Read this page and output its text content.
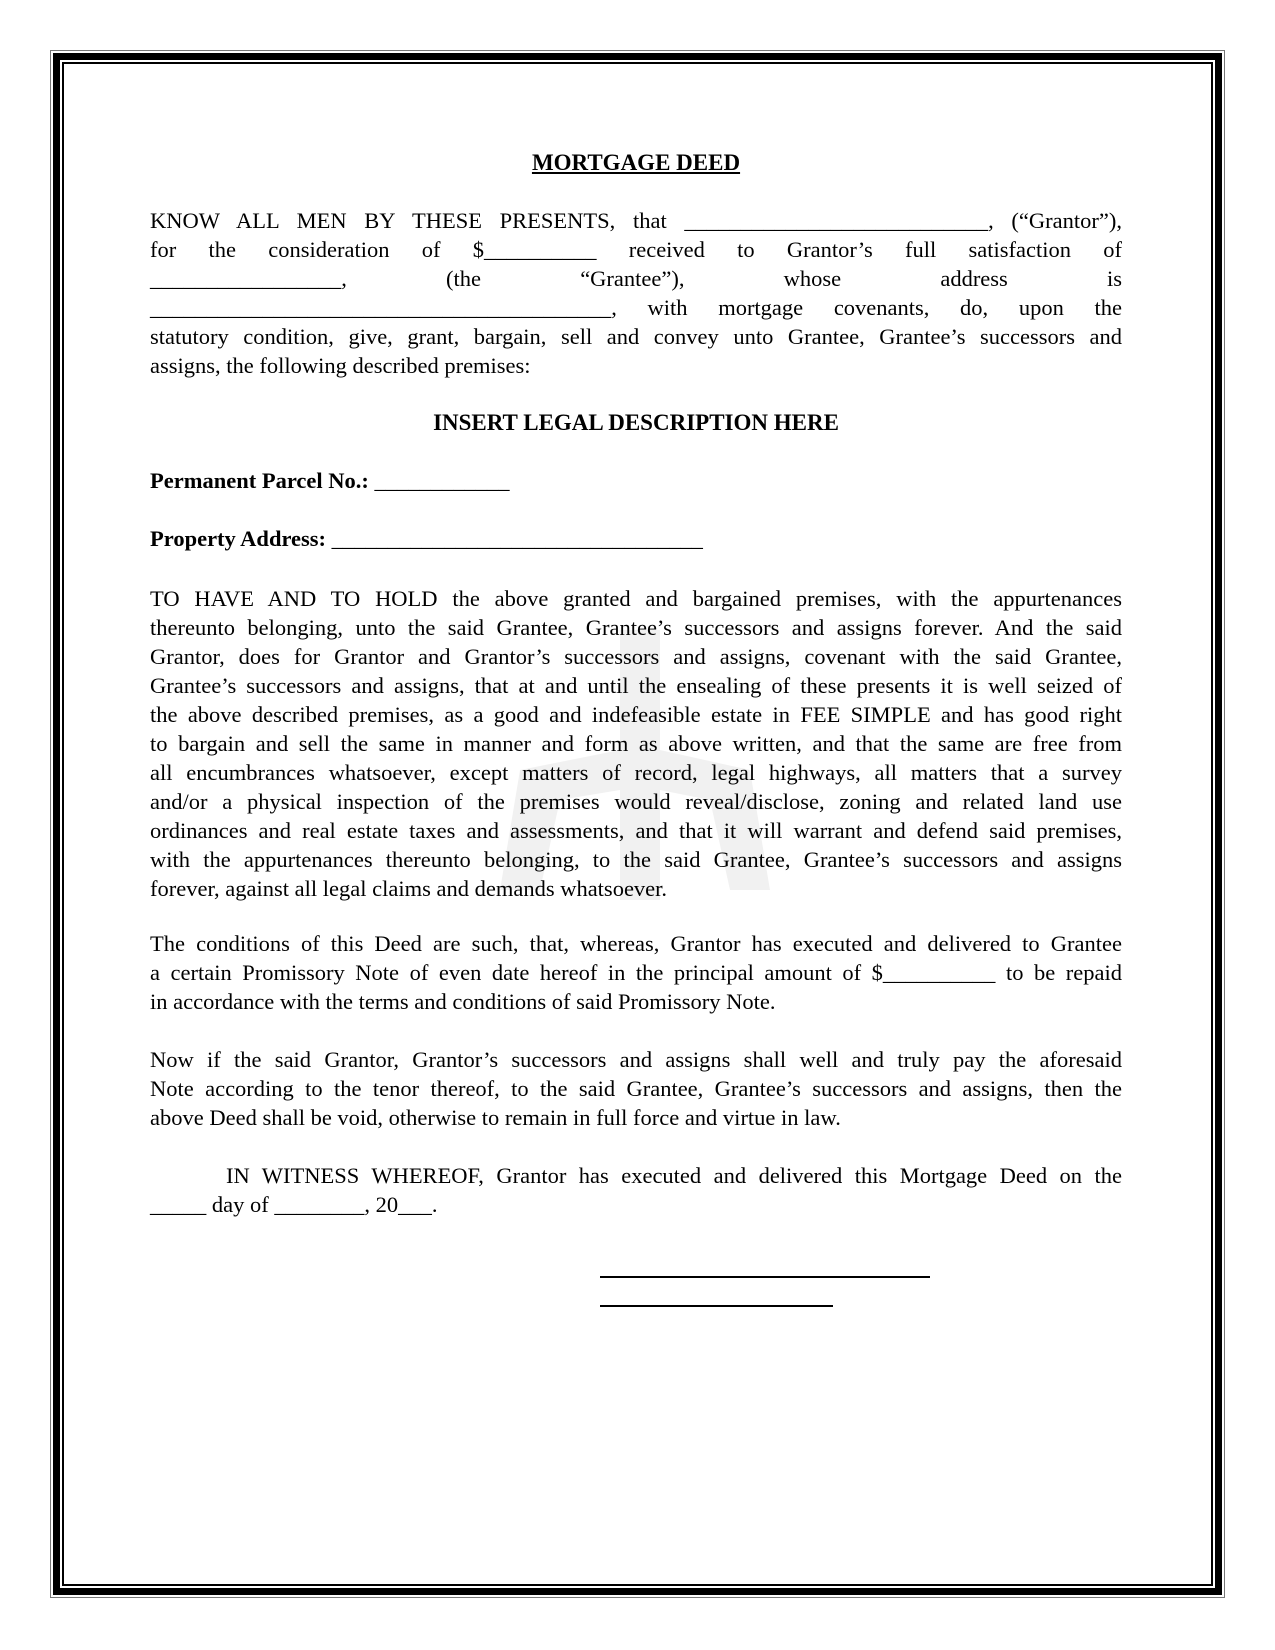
MORTGAGE DEED
KNOW ALL MEN BY THESE PRESENTS, that ___________________________, (“Grantor”),
for the consideration of $__________ received to Grantor’s full satisfaction of
_________________, (the “Grantee”), whose address is
_________________________________________, with mortgage covenants, do, upon the
statutory condition, give, grant, bargain, sell and convey unto Grantee, Grantee’s successors and
assigns, the following described premises:
INSERT LEGAL DESCRIPTION HERE
Permanent Parcel No.: ____________
Property Address: _________________________________
TO HAVE AND TO HOLD the above granted and bargained premises, with the appurtenances
thereunto belonging, unto the said Grantee, Grantee’s successors and assigns forever. And the said
Grantor, does for Grantor and Grantor’s successors and assigns, covenant with the said Grantee,
Grantee’s successors and assigns, that at and until the ensealing of these presents it is well seized of
the above described premises, as a good and indefeasible estate in FEE SIMPLE and has good right
to bargain and sell the same in manner and form as above written, and that the same are free from
all encumbrances whatsoever, except matters of record, legal highways, all matters that a survey
and/or a physical inspection of the premises would reveal/disclose, zoning and related land use
ordinances and real estate taxes and assessments, and that it will warrant and defend said premises,
with the appurtenances thereunto belonging, to the said Grantee, Grantee’s successors and assigns
forever, against all legal claims and demands whatsoever.
The conditions of this Deed are such, that, whereas, Grantor has executed and delivered to Grantee
a certain Promissory Note of even date hereof in the principal amount of $__________ to be repaid
in accordance with the terms and conditions of said Promissory Note.
Now if the said Grantor, Grantor’s successors and assigns shall well and truly pay the aforesaid
Note according to the tenor thereof, to the said Grantee, Grantee’s successors and assigns, then the
above Deed shall be void, otherwise to remain in full force and virtue in law.
IN WITNESS WHEREOF, Grantor has executed and delivered this Mortgage Deed on the
_____ day of ________, 20___.
